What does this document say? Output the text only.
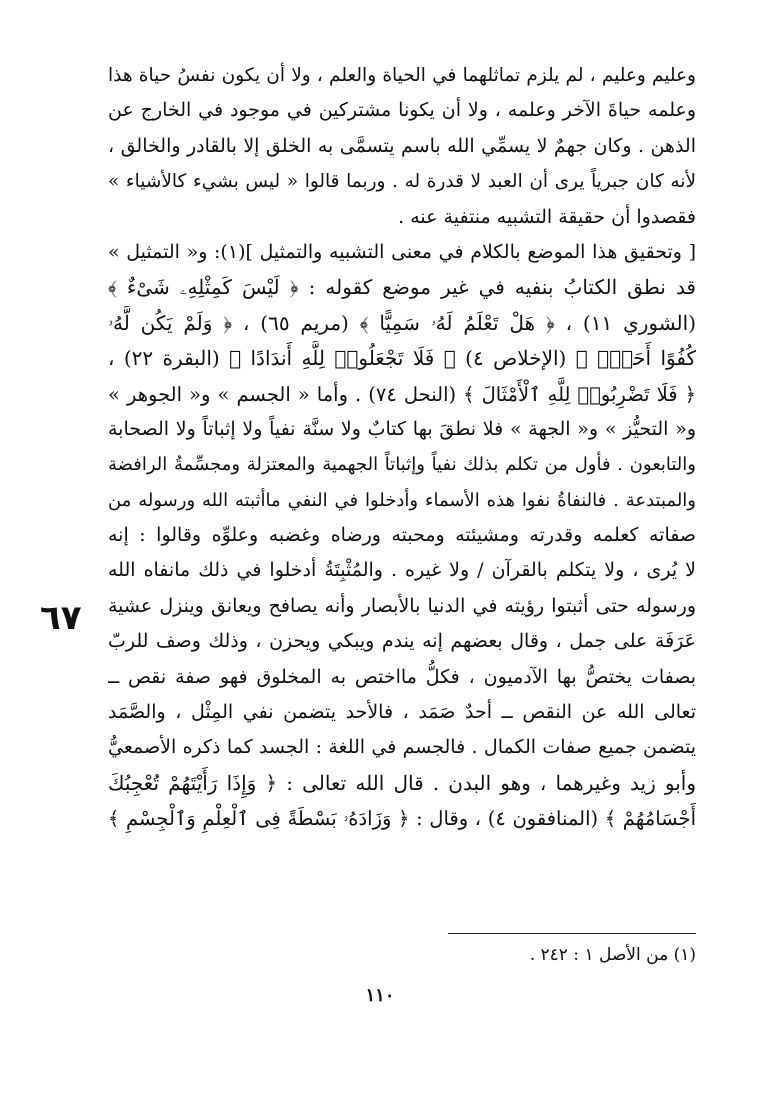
وعليم وعليم ، لم يلزم تماثلهما في الحياة والعلم ، ولا أن يكون نفسُ حياة هذا
وعلمه حياةَ الآخر وعلمه ، ولا أن يكونا مشتركين في موجود في الخارج عن
الذهن . وكان جهمٌ لا يسمِّي الله باسم يتسمَّى به الخلق إلا بالقادر والخالق ،
لأنه كان جبرياً يرى أن العبد لا قدرة له . وربما قالوا « ليس بشيء كالأشياء »
فقصدوا أن حقيقة التشبيه منتفية عنه .
[ وتحقيق هذا الموضع بالكلام في معنى التشبيه والتمثيل ](١): و« التمثيل »
قد نطق الكتابُ بنفيه في غير موضع كقوله : ﴿ لَيْسَ كَمِثْلِهِۦ شَىْءٌ ﴾
(الشوري ١١) ، ﴿ هَلْ تَعْلَمُ لَهُۥ سَمِيًّا ﴾ (مريم ٦٥) ، ﴿ وَلَمْ يَكُن لَّهُۥ
كُفُوًا أَحَدٌۢ ﴾ (الإخلاص ٤) ﴿ فَلَا تَجْعَلُوا۟ لِلَّهِ أَندَادًا ﴾ (البقرة ٢٢) ،
﴿ فَلَا تَضْرِبُوا۟ لِلَّهِ ٱلْأَمْثَالَ ﴾ (النحل ٧٤) . وأما « الجسم » و« الجوهر »
و« التحيُّز » و« الجهة » فلا نطقَ بها كتابٌ ولا سنَّة نفياً ولا إثباتاً ولا الصحابة
والتابعون . فأول من تكلم بذلك نفياً وإثباتاً الجهمية والمعتزلة ومجسِّمةُ الرافضة
والمبتدعة . فالنفاةُ نفوا هذه الأسماء وأدخلوا في النفي ماأثبته الله ورسوله من
صفاته كعلمه وقدرته ومشيئته ومحبته ورضاه وغضبه وعلوِّه وقالوا : إنه
لا يُرى ، ولا يتكلم بالقرآن / ولا غيره . والمُثْبِتَةُ أدخلوا في ذلك مانفاه الله
ورسوله حتى أثبتوا رؤيته في الدنيا بالأبصار وأنه يصافح ويعانق وينزل عشية
عَرَفَة على جمل ، وقال بعضهم إنه يندم ويبكي ويحزن ، وذلك وصف للربّ
بصفات يختصُّ بها الآدميون ، فكلُّ مااختص به المخلوق فهو صفة نقص ــ
تعالى الله عن النقص ــ أحدٌ صَمَد ، فالأحد يتضمن نفي المِثْل ، والصَّمَد
يتضمن جميع صفات الكمال . فالجسم في اللغة : الجسد كما ذكره الأصمعيُّ
وأبو زيد وغيرهما ، وهو البدن . قال الله تعالى : ﴿ وَإِذَا رَأَيْتَهُمْ تُعْجِبُكَ
أَجْسَامُهُمْ ﴾ (المنافقون ٤) ، وقال : ﴿ وَزَادَهُۥ بَسْطَةً فِى ٱلْعِلْمِ وَٱلْجِسْمِ ﴾
٦٧
(١) من الأصل ١ : ٢٤٢ .
١١٠
